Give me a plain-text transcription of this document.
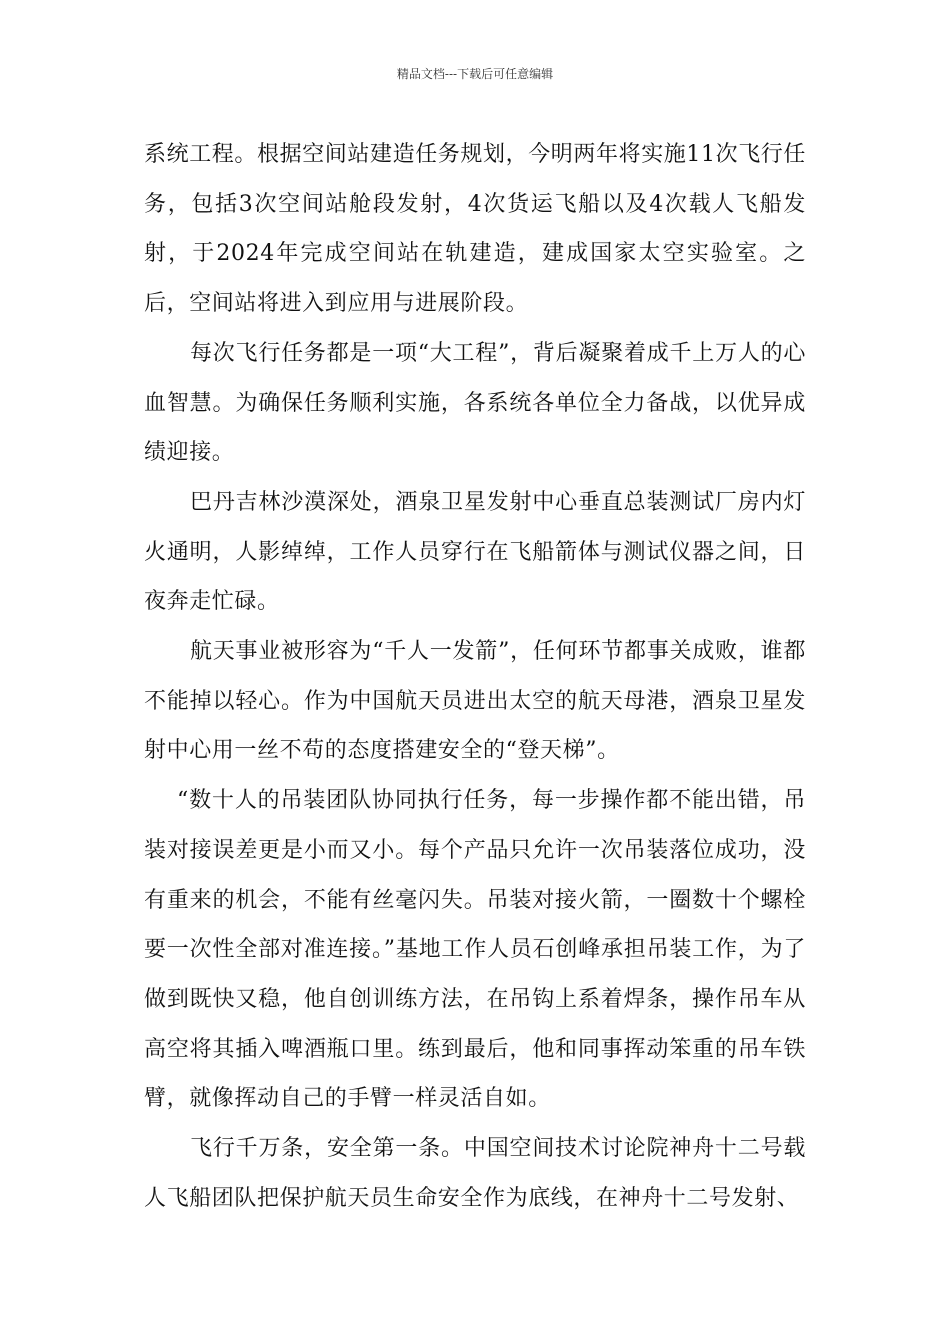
精品文档---下载后可任意编辑

系统工程。根据空间站建造任务规划，今明两年将实施11次飞行任务，包括3次空间站舱段发射，4次货运飞船以及4次载人飞船发射，于2024年完成空间站在轨建造，建成国家太空实验室。之后，空间站将进入到应用与进展阶段。

每次飞行任务都是一项“大工程”，背后凝聚着成千上万人的心血智慧。为确保任务顺利实施，各系统各单位全力备战，以优异成绩迎接。

巴丹吉林沙漠深处，酒泉卫星发射中心垂直总装测试厂房内灯火通明，人影绰绰，工作人员穿行在飞船箭体与测试仪器之间，日夜奔走忙碌。

航天事业被形容为“千人一发箭”，任何环节都事关成败，谁都不能掉以轻心。作为中国航天员进出太空的航天母港，酒泉卫星发射中心用一丝不苟的态度搭建安全的“登天梯”。

“数十人的吊装团队协同执行任务，每一步操作都不能出错，吊装对接误差更是小而又小。每个产品只允许一次吊装落位成功，没有重来的机会，不能有丝毫闪失。吊装对接火箭，一圈数十个螺栓要一次性全部对准连接。”基地工作人员石创峰承担吊装工作，为了做到既快又稳，他自创训练方法，在吊钩上系着焊条，操作吊车从高空将其插入啤酒瓶口里。练到最后，他和同事挥动笨重的吊车铁臂，就像挥动自己的手臂一样灵活自如。

飞行千万条，安全第一条。中国空间技术讨论院神舟十二号载人飞船团队把保护航天员生命安全作为底线，在神舟十二号发射、
